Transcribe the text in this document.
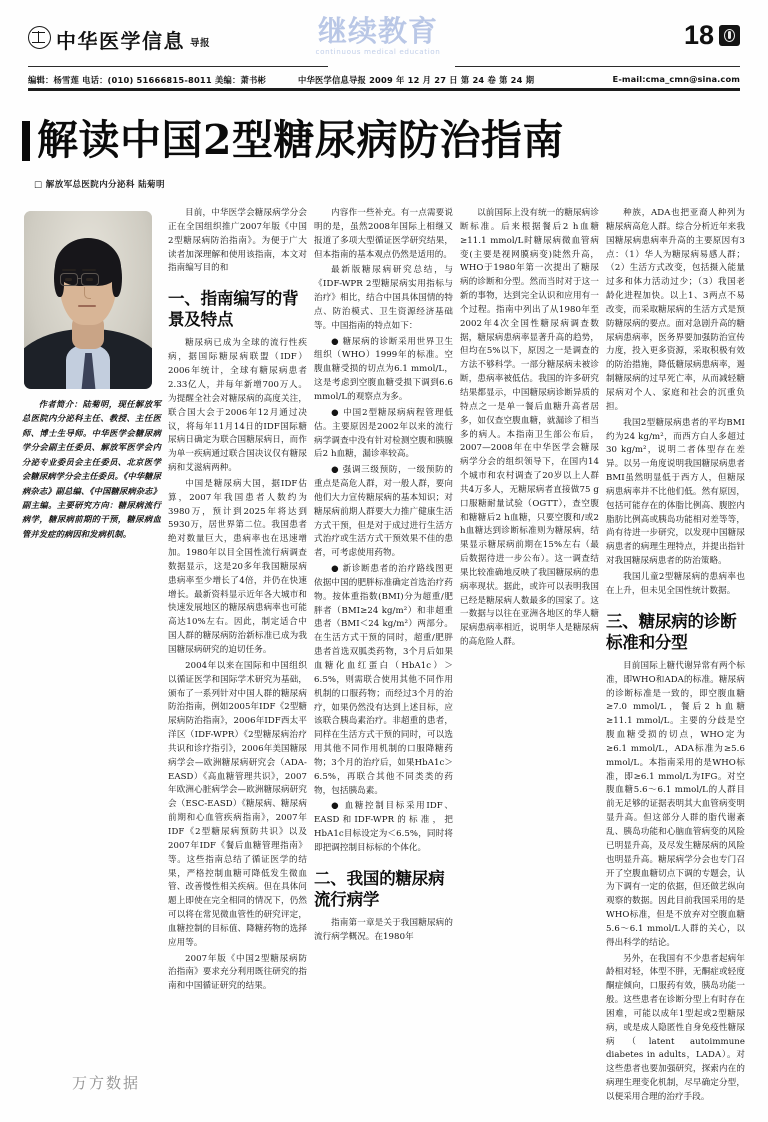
中华医学信息 导报	继续教育
continuous medical education
18
编辑：杨雪莲 电话：(010) 51666815-8011 美编：萧书彬	中华医学信息导报 2009 年 12 月 27 日 第 24 卷 第 24 期	E-mail:cma_cmn@sina.com
解读中国2型糖尿病防治指南
□ 解放军总医院内分泌科 陆菊明

作者简介：陆菊明，现任解放军总医院内分泌科主任、教授、主任医师、博士生导师。中华医学会糖尿病学分会副主任委员、解放军医学会内分泌专业委员会主任委员、北京医学会糖尿病学分会主任委员。《中华糖尿病杂志》副总编、《中国糖尿病杂志》副主编。主要研究方向：糖尿病流行病学，糖尿病前期的干预，糖尿病血管并发症的病因和发病机制。

目前，中华医学会糖尿病学分会正在全国组织推广2007年版《中国2型糖尿病防治指南》。为便于广大读者加深理解和使用该指南，本文对指南编写目的和

一、指南编写的背景及特点

糖尿病已成为全球的流行性疾病，据国际糖尿病联盟（IDF）2006年统计，全球有糖尿病患者2.33亿人，并每年新增700万人。为提醒全社会对糖尿病的高度关注，联合国大会于2006年12月通过决议，将每年11月14日的IDF国际糖尿病日确定为联合国糖尿病日，而作为单一疾病通过联合国决议仅有糖尿病和艾滋病两种。

中国是糖尿病大国，据IDF估算，2007年我国患者人数约为3980万，预计到2025年将达到5930万，居世界第二位。我国患者绝对数量巨大，患病率也在迅速增加。1980年以目全国性流行病调查数据显示，这是20多年我国糖尿病患病率至少增长了4倍，并仍在快速增长。最新资料显示近年各大城市和快速发展地区的糖尿病患病率也可能高达10%左右。因此，制定适合中国人群的糖尿病防治新标准已成为我国糖尿病研究的迫切任务。

2004年以来在国际和中国组织以循证医学和国际学术研究为基础，颁布了一系列针对中国人群的糖尿病防治指南，例如2005年IDF《2型糖尿病防治指南》，2006年IDF西太平洋区（IDF-WPR）《2型糖尿病治疗共识和诊疗指引》，2006年美国糖尿病学会—欧洲糖尿病研究会（ADA-EASD）《高血糖管理共识》，2007年欧洲心脏病学会—欧洲糖尿病研究会（ESC-EASD）《糖尿病、糖尿病前期和心血管疾病指南》，2007年IDF《2型糖尿病预防共识》以及2007年IDF《餐后血糖管理指南》等。这些指南总结了循证医学的结果，严格控制血糖可降低发生微血管、改善慢性相关疾病。但在具体问题上即使在完全相同的情况下，仍然可以将在常见微血管性的研究评定，血糖控制的目标值、降糖药物的选择应用等。

2007年版《中国2型糖尿病防治指南》要求充分利用既往研究的指南和中国循证研究的结果。

内容作一些补充。有一点需要说明的是，虽然2008年国际上相继又报道了多项大型循证医学研究结果，但本指南的基本观点仍然是适用的。

最新版糖尿病研究总结，与《IDF-WPR 2型糖尿病实用指标与治疗》相比，结合中国具体国情的特点、防治模式、卫生资源经济基础等。中国指南的特点如下：

● 糖尿病的诊断采用世界卫生组织（WHO）1999年的标准。空腹血糖受损的切点为6.1 mmol/L，这是考虑到空腹血糖受损下调到6.6 mmol/L的观察点为多。

● 中国2型糖尿病病程管理低估。主要原因是2002年以来的流行病学调查中没有针对检测空腹和胰腺后2 h血糖，漏诊率较高。

● 强调三级预防，一级预防的重点是高危人群，对一般人群，要向他们大力宣传糖尿病的基本知识；对糖尿病前期人群要大力推广健康生活方式干预，但是对于成过进行生活方式治疗或生活方式干预效果不佳的患者，可考虑使用药物。

● 新诊断患者的治疗路线图更依据中国的肥胖标准确定首选治疗药物。按体重指数(BMI)分为超重/肥胖者（BMI≥24 kg/m²）和非超重患者（BMI＜24 kg/m²）两部分。在生活方式干预的同时，超重/肥胖患者首选双胍类药物，3个月后如果血糖化血红蛋白（HbA1c）＞6.5%，则需联合使用其他不同作用机制的口服药物；而经过3个月的治疗，如果仍然没有达到上述目标，应该联合胰岛素治疗。非超重的患者，同样在生活方式干预的同时，可以选用其他不同作用机制的口服降糖药物；3个月的治疗后，如果HbA1c＞6.5%，再联合其他不同类类的药物，包括胰岛素。

● 血糖控制目标采用IDF、EASD和IDF-WPR的标准，把HbA1c目标设定为＜6.5%，同时将即把调控制目标标的个体化。

二、我国的糖尿病流行病学

指南第一章是关于我国糖尿病的流行病学概况。在1980年

以前国际上没有统一的糖尿病诊断标准。后来根据餐后2 h血糖≥11.1 mmol/L时糖尿病微血管病变(主要是视网膜病变)陡然升高，WHO于1980年第一次提出了糖尿病的诊断和分型。然而当时对于这一新的事物，达到完全认识和应用有一个过程。指南中列出了从1980年至2002年4次全国性糖尿病调查数据，糖尿病患病率显著升高的趋势，但均在5%以下，原因之一是调查的方法不够科学。一部分糖尿病未被诊断，患病率被低估。我国的许多研究结果都显示，中国糖尿病诊断异质的特点之一是单一餐后血糖升高者居多，如仅查空腹血糖，就漏诊了相当多的病人。本指南卫生部公布后，2007—2008年在中华医学会糖尿病学分会的组织领导下，在国内14个城市和农村调查了20岁以上人群共4万多人，无糖尿病者直接做75 g口服糖耐量试验（OGTT），查空腹和糖糖后2 h血糖，只要空腹和/或2 h血糖达到诊断标准则为糖尿病，结果显示糖尿病前期在15%左右（最后数据待进一步公布）。这一调查结果比较准确地反映了我国糖尿病的患病率现状。据此，或许可以表明我国已经是糖尿病人数最多的国家了。这一数据与以往在亚洲各地区的华人糖尿病患病率相近，说明华人是糖尿病的高危险人群。

种族，ADA也把亚裔人种列为糖尿病高危人群。综合分析近年来我国糖尿病患病率升高的主要原因有3点：（1）华人为糖尿病易感人群；（2）生活方式改变，包括摄入能量过多和体力活动过少；（3）我国老龄化进程加快。以上1、3两点不易改变，而采取糖尿病的生活方式是预防糖尿病的要点。面对急剧升高的糖尿病患病率，医务界要加强防治宣传力度，投入更多资源，采取积极有效的防治措施，降低糖尿病患病率，遏制糖尿病的过早死亡率，从而减轻糖尿病对个人、家庭和社会的沉重负担。

我国2型糖尿病患者的平均BMI约为24 kg/m²，而西方白人多超过30 kg/m²，说明二者体型存在差异。以另一角度说明我国糖尿病患者BMI虽然明显低于西方人，但糖尿病患病率并不比他们低。然有原因，包括可能存在的体脂比例高、腹腔内脂肪比例高或胰岛功能相对差等等，尚有待进一步研究，以发现中国糖尿病患者的病理生理特点，并提出指针对我国糖尿病患者的防治策略。

我国儿童2型糖尿病的患病率也在上升，但未见全国性统计数据。

三、糖尿病的诊断标准和分型

目前国际上糖代谢异常有两个标准，即WHO和ADA的标准。糖尿病的诊断标准是一致的，即空腹血糖≥7.0 mmol/L，餐后2 h血糖≥11.1 mmol/L。主要的分歧是空腹血糖受损的切点，WHO定为≥6.1 mmol/L，ADA标准为≥5.6 mmol/L。本指南采用的是WHO标准，即≥6.1 mmol/L为IFG。对空腹血糖5.6～6.1 mmol/L的人群目前无足够的证据表明其大血管病变明显升高。但这部分人群的脂代谢紊乱、胰岛功能和心脑血管病变的风险已明显升高，及尽发生糖尿病的风险也明显升高。糖尿病学分会也专门召开了空腹血糖切点下调的专题会，认为下调有一定的依据，但还做艺纵向观察的数据。因此目前我国采用的是WHO标准，但是不放弃对空腹血糖5.6～6.1 mmol/L人群的关心，以得出科学的结论。

另外，在我国有不少患者起病年龄相对轻，体型不胖，无酮症或轻度酮症倾向，口服药有效，胰岛功能一般。这些患者在诊断分型上有时存在困难，可能以成年1型起或2型糖尿病，或是成人隐匿性自身免疫性糖尿病（latent autoimmune diabetes in adults，LADA）。对这些患者也要加强研究，探索内在的病理生理变化机制，尽早确定分型，以便采用合理的治疗手段。

万方数据
